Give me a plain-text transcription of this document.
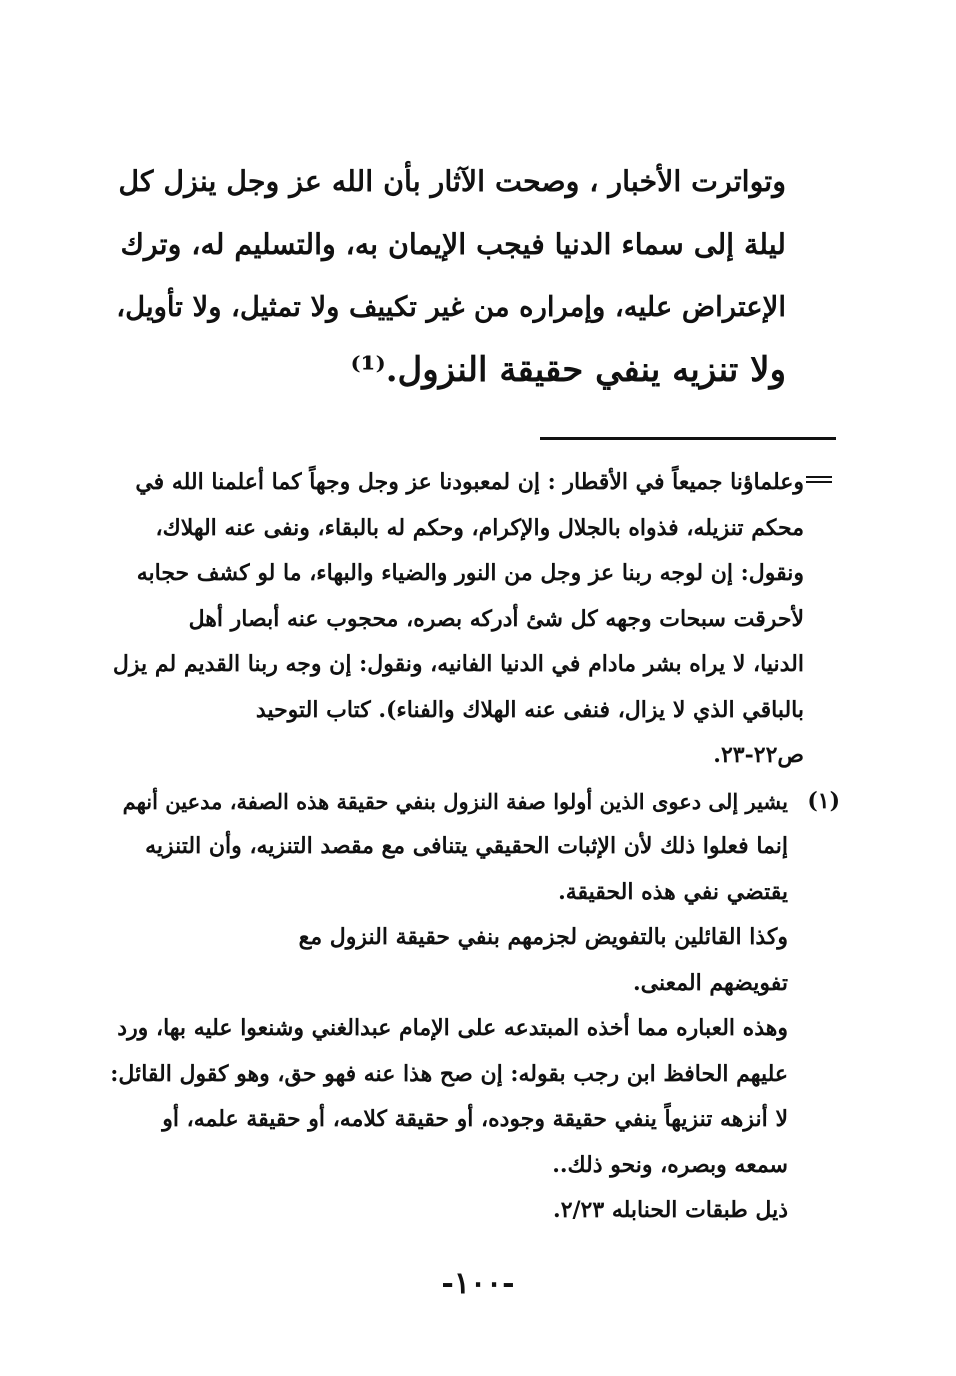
وتواترت الأخبار ، وصحت الآثار بأن الله عز وجل ينزل كل
ليلة إلى سماء الدنيا فيجب الإيمان به، والتسليم له، وترك
الإعتراض عليه، وإمراره من غير تكييف ولا تمثيل، ولا تأويل،
ولا تنزيه ينفي حقيقة النزول.⁽¹⁾
وعلماؤنا جميعاً في الأقطار : إن لمعبودنا عز وجل وجهاً كما أعلمنا الله في
محكم تنزيله، فذواه بالجلال والإكرام، وحكم له بالبقاء، ونفى عنه الهلاك،
ونقول: إن لوجه ربنا عز وجل من النور والضياء والبهاء، ما لو كشف حجابه
لأحرقت سبحات وجهه كل شئ أدركه بصره، محجوب عنه أبصار أهل
الدنيا، لا يراه بشر مادام في الدنيا الفانيه، ونقول: إن وجه ربنا القديم لم يزل
بالباقي الذي لا يزال، فنفى عنه الهلاك والفناء). كتاب التوحيد
ص٢٢-٢٣.
(١)
يشير إلى دعوى الذين أولوا صفة النزول بنفي حقيقة هذه الصفة، مدعين أنهم
إنما فعلوا ذلك لأن الإثبات الحقيقي يتنافى مع مقصد التنزيه، وأن التنزيه
يقتضي نفي هذه الحقيقة.
وكذا القائلين بالتفويض لجزمهم بنفي حقيقة النزول مع
تفويضهم المعنى.
وهذه العباره مما أخذه المبتدعه على الإمام عبدالغني وشنعوا عليه بها، ورد
عليهم الحافظ ابن رجب بقوله: إن صح هذا عنه فهو حق، وهو كقول القائل:
لا أنزهه تنزيهاً ينفي حقيقة وجوده، أو حقيقة كلامه، أو حقيقة علمه، أو
سمعه وبصره، ونحو ذلك..
ذيل طبقات الحنابله ٢/٢٣.
-١٠٠-
